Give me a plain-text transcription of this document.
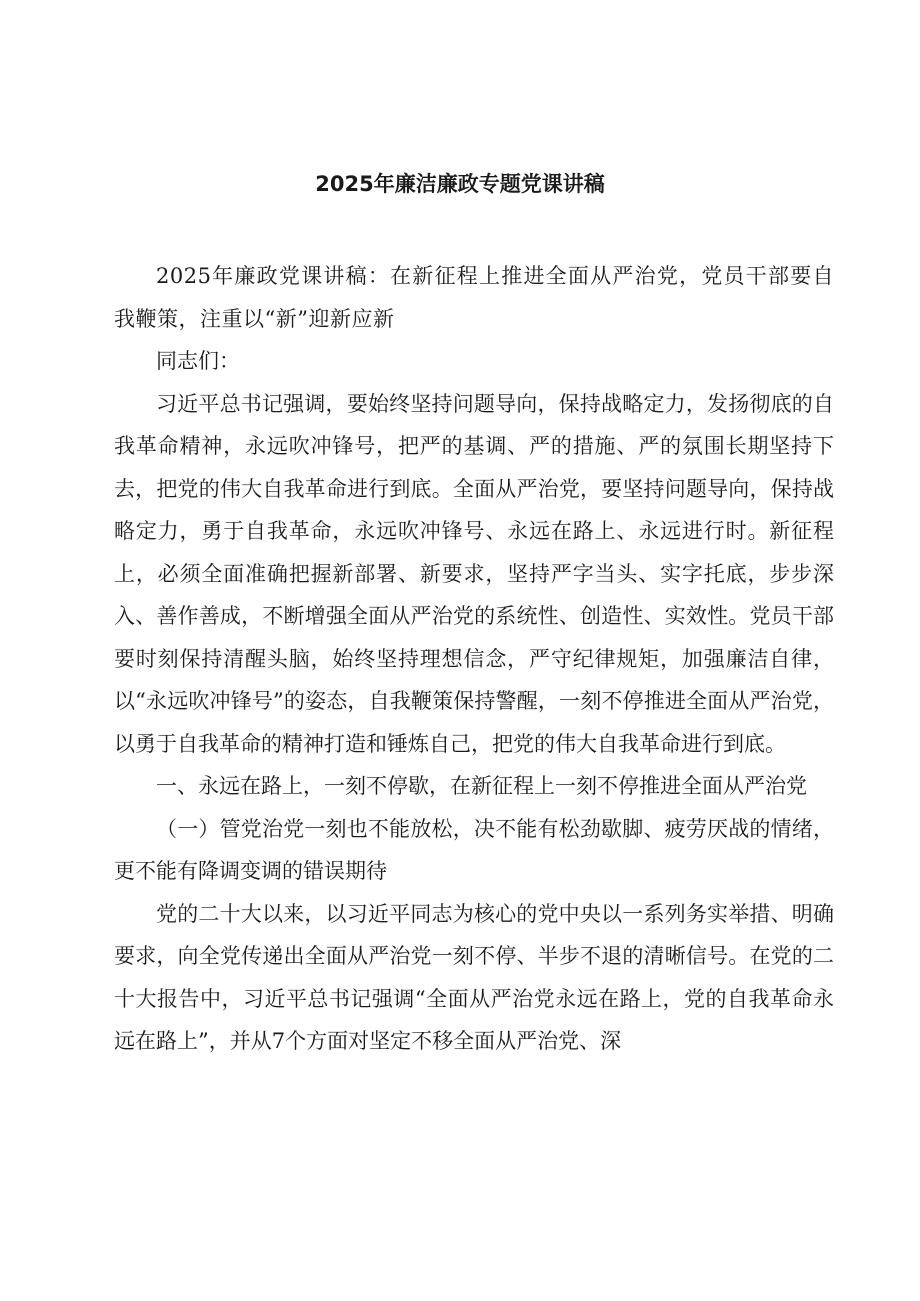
2025年廉洁廉政专题党课讲稿

2025年廉政党课讲稿：在新征程上推进全面从严治党，党员干部要自我鞭策，注重以“新”迎新应新

同志们：

习近平总书记强调，要始终坚持问题导向，保持战略定力，发扬彻底的自我革命精神，永远吹冲锋号，把严的基调、严的措施、严的氛围长期坚持下去，把党的伟大自我革命进行到底。全面从严治党，要坚持问题导向，保持战略定力，勇于自我革命，永远吹冲锋号、永远在路上、永远进行时。新征程上，必须全面准确把握新部署、新要求，坚持严字当头、实字托底，步步深入、善作善成，不断增强全面从严治党的系统性、创造性、实效性。党员干部要时刻保持清醒头脑，始终坚持理想信念，严守纪律规矩，加强廉洁自律，以“永远吹冲锋号”的姿态，自我鞭策保持警醒，一刻不停推进全面从严治党，以勇于自我革命的精神打造和锤炼自己，把党的伟大自我革命进行到底。

一、永远在路上，一刻不停歇，在新征程上一刻不停推进全面从严治党

（一）管党治党一刻也不能放松，决不能有松劲歇脚、疲劳厌战的情绪，更不能有降调变调的错误期待

党的二十大以来，以习近平同志为核心的党中央以一系列务实举措、明确要求，向全党传递出全面从严治党一刻不停、半步不退的清晰信号。在党的二十大报告中，习近平总书记强调“全面从严治党永远在路上，党的自我革命永远在路上”，并从7个方面对坚定不移全面从严治党、深
